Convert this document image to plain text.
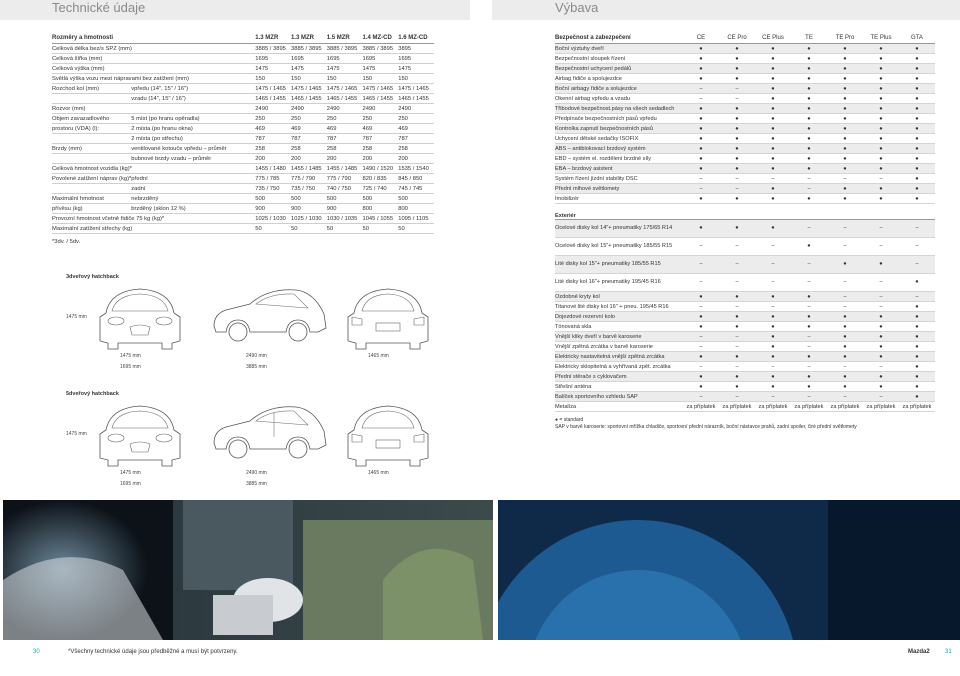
Technické údaje	Výbava
Rozměry a hmotnosti		1.3 MZR	1.3 MZR	1.5 MZR	1.4 MZ-CD	1.6 MZ-CD
Celková délka bez/s SPZ (mm)		3885 / 3895	3885 / 3895	3885 / 3895	3885 / 3895	3895
Celková šířka (mm)		1695	1695	1695	1695	1695
Celková výška (mm)		1475	1475	1475	1475	1475
Světlá výška vozu mezi nápravami bez zatížení (mm)		150	150	150	150	150
Rozchod kol (mm)	vpředu (14", 15" / 16")	1475 / 1465	1475 / 1465	1475 / 1465	1475 / 1465	1475 / 1465
	vzadu (14", 15" / 16")	1465 / 1455	1465 / 1455	1465 / 1455	1465 / 1455	1465 / 1455
Rozvor (mm)		2490	2490	2490	2490	2490
Objem zavazadlového	5 míst (po hranu opěradla)	250	250	250	250	250
prostoru (VDA) (l):	2 místa (po hranu okna)	469	469	469	469	469
	2 místa (po střechu)	787	787	787	787	787
Brzdy (mm)	ventilované kotouče vpředu – průměr	258	258	258	258	258
	bubnové brzdy vzadu – průměr	200	200	200	200	200
Celková hmotnost vozidla (kg)*		1455 / 1480	1455 / 1485	1455 / 1485	1490 / 1520	1535 / 1540
Povolené zatížení náprav (kg)*	přední	775 / 785	775 / 790	775 / 790	820 / 835	845 / 850
	zadní	735 / 750	735 / 750	740 / 750	725 / 740	745 / 745
Maximální hmotnost	nebrzděný	500	500	500	500	500
přívěsu (kg)	brzděný (sklon 12 %)	900	900	900	800	800
Provozní hmotnost včetně řidiče 75 kg (kg)*		1025 / 1030	1025 / 1030	1030 / 1035	1045 / 1055	1095 / 1105
Maximální zatížení střechy (kg)		50	50	50	50	50
*3dv. / 5dv.
3dveřový hatchback
1475 mm
1475 mm
1695 mm
2490 mm
3885 mm
1465 mm
5dveřový hatchback
1475 mm
1475 mm
1695 mm
2490 mm
3885 mm
1465 mm
Bezpečnost a zabezpečení	CE	CE Pro	CE Plus	TE	TE Pro	TE Plus	GTA
Boční výztuhy dveří	●	●	●	●	●	●	●
Bezpečnostní sloupek řízení	●	●	●	●	●	●	●
Bezpečnostní uchycení pedálů	●	●	●	●	●	●	●
Airbag řidiče a spolujezdce	●	●	●	●	●	●	●
Boční airbagy řidiče a solujezdce	–	–	●	●	●	●	●
Okenní airbag vpředu a vzadu	–	–	●	●	●	●	●
Třibodové bezpečnost.pásy na všech sedadlech	●	●	●	●	●	●	●
Předpínače bezpečnostních pásů vpředu	●	●	●	●	●	●	●
Kontrolka zapnutí bezpečnostních pásů	●	●	●	●	●	●	●
Uchycení dětské sedačky ISOFIX	●	●	●	●	●	●	●
ABS – antiblokovací brzdový systém	●	●	●	●	●	●	●
EBD – systém el. rozdělení brzdné síly	●	●	●	●	●	●	●
EBA – brzdový asistent	●	●	●	●	●	●	●
Systém řízení jízdní stability DSC	–	–	–	–	–	–	●
Přední mlhové světlomety	–	–	●	–	●	●	●
Imobilizér	●	●	●	●	●	●	●
Exteriér							
Ocelové disky kol 14"+ pneumatiky 175/65 R14	●	●	●	–	–	–	–
Ocelové disky kol 15"+ pneumatiky 185/55 R15	–	–	–	●	–	–	–
Lité disky kol 15"+ pneumatiky 185/55 R15	–	–	–	–	●	●	–
Lité disky kol 16"+ pneumatiky 195/45 R16	–	–	–	–	–	–	●
Ozdobné kryty kol	●	●	●	●	–	–	–
Titanové lité disky kol 16" + pneu. 195/45 R16	–	–	–	–	–	–	●
Dojezdové rezervní kolo	●	●	●	●	●	●	●
Tónovaná skla	●	●	●	●	●	●	●
Vnější kliky dveří v barvě karoserie	–	–	●	–	●	●	●
Vnější zpětná zrcátka v barvě karoserie	–	–	●	–	●	●	●
Elektricky nastavitelná vnější zpětná zrcátka	●	●	●	●	●	●	●
Elektricky sklopitelná a vyhřívaná zpět. zrcátka	–	–	–	–	–	–	●
Přední stěrače s cyklovačem	●	●	●	●	●	●	●
Střešní anténa	●	●	●	●	●	●	●
Balíček sportovního vzhledu SAP	–	–	–	–	–	–	●
Metalíza	za příplatek	za příplatek	za příplatek	za příplatek	za příplatek	za příplatek	za příplatek
● = standard
SAP v barvě karoserie: sportovní mřížka chladiče, sportovní přední nárazník, boční nástavce prahů, zadní spoiler, čiré přední světlomety
30	*Všechny technické údaje jsou předběžné a musí být potvrzeny.	Mazda2	31
